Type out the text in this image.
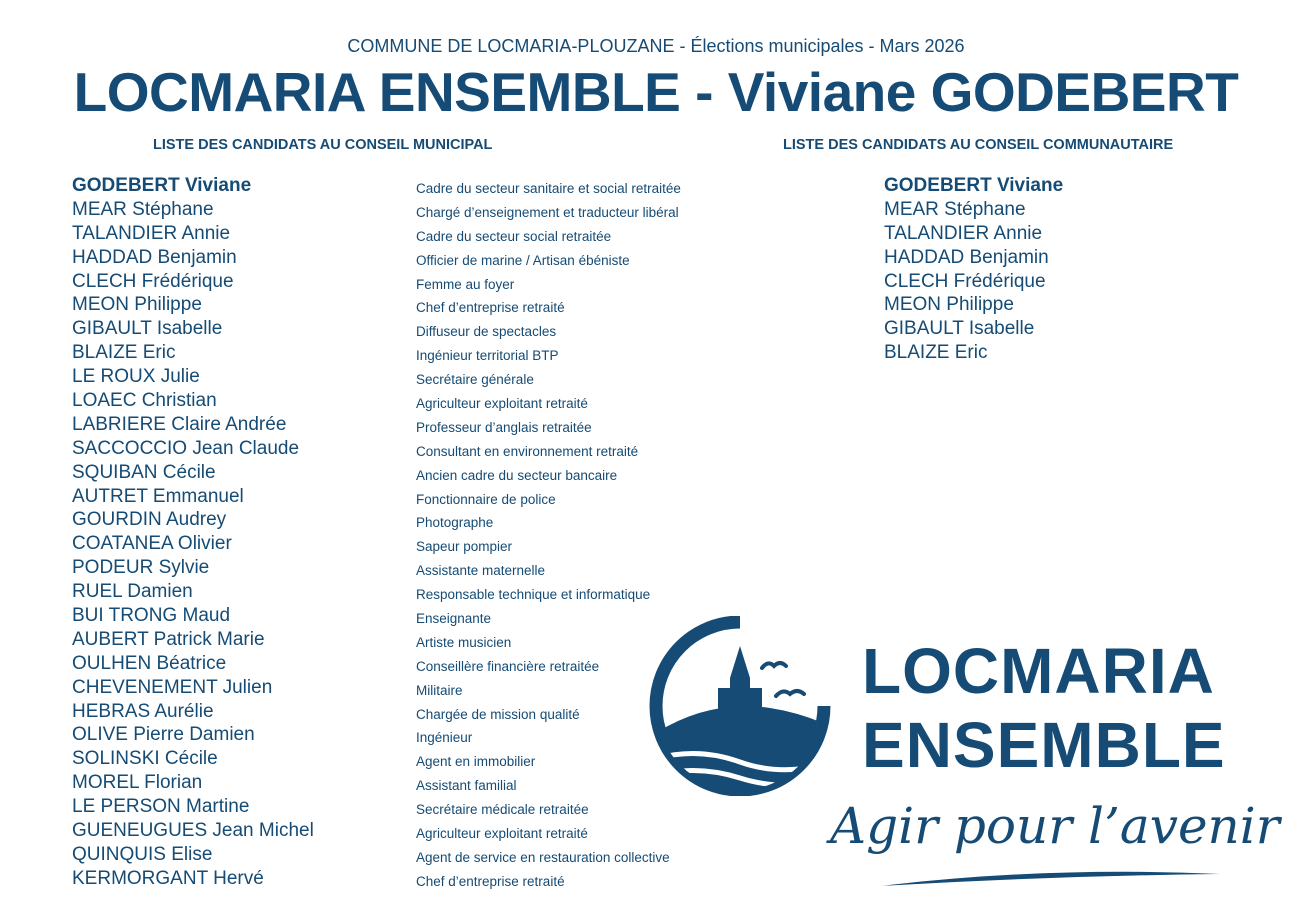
COMMUNE DE LOCMARIA-PLOUZANE - Élections municipales - Mars 2026
LOCMARIA ENSEMBLE - Viviane GODEBERT
LISTE DES CANDIDATS AU CONSEIL MUNICIPAL	LISTE DES CANDIDATS AU CONSEIL COMMUNAUTAIRE
GODEBERT Viviane
MEAR Stéphane
TALANDIER Annie
HADDAD Benjamin
CLECH Frédérique
MEON Philippe
GIBAULT Isabelle
BLAIZE Eric
LE ROUX Julie
LOAEC Christian
LABRIERE Claire Andrée
SACCOCCIO Jean Claude
SQUIBAN Cécile
AUTRET Emmanuel
GOURDIN Audrey
COATANEA Olivier
PODEUR Sylvie
RUEL Damien
BUI TRONG Maud
AUBERT Patrick Marie
OULHEN Béatrice
CHEVENEMENT Julien
HEBRAS Aurélie
OLIVE Pierre Damien
SOLINSKI Cécile
MOREL Florian
LE PERSON Martine
GUENEUGUES Jean Michel
QUINQUIS Elise
KERMORGANT Hervé
Cadre du secteur sanitaire et social retraitée
Chargé d’enseignement et traducteur libéral
Cadre du secteur social retraitée
Officier de marine / Artisan ébéniste
Femme au foyer
Chef d’entreprise retraité
Diffuseur de spectacles
Ingénieur territorial BTP
Secrétaire générale
Agriculteur exploitant retraité
Professeur d’anglais retraitée
Consultant en environnement retraité
Ancien cadre du secteur bancaire
Fonctionnaire de police
Photographe
Sapeur pompier
Assistante maternelle
Responsable technique et informatique
Enseignante
Artiste musicien
Conseillère financière retraitée
Militaire
Chargée de mission qualité
Ingénieur
Agent en immobilier
Assistant familial
Secrétaire médicale retraitée
Agriculteur exploitant retraité
Agent de service en restauration collective
Chef d’entreprise retraité
GODEBERT Viviane
MEAR Stéphane
TALANDIER Annie
HADDAD Benjamin
CLECH Frédérique
MEON Philippe
GIBAULT Isabelle
BLAIZE Eric
LOCMARIA
ENSEMBLE
Agir pour l’avenir
